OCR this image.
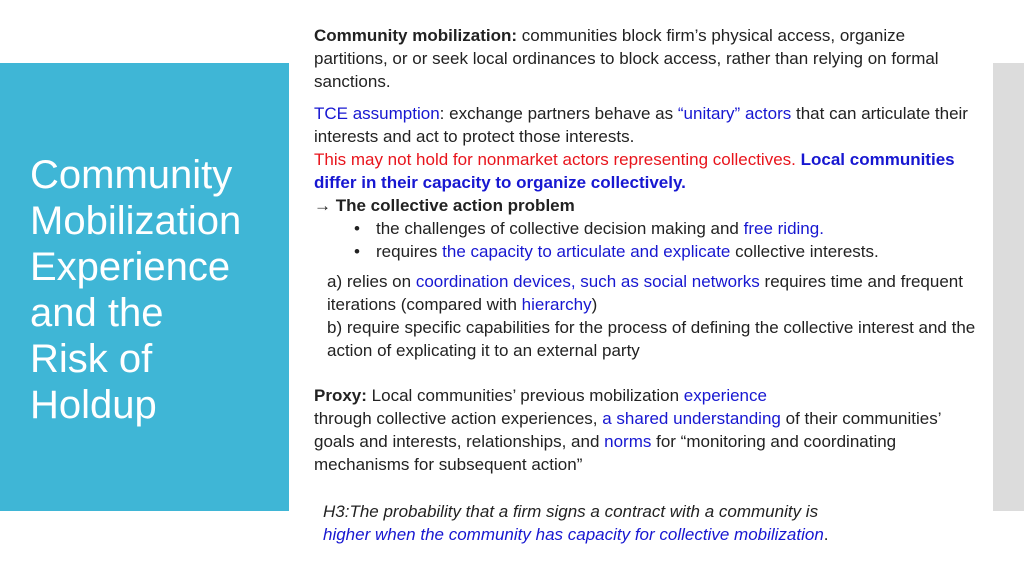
Community
Mobilization
Experience
and the
Risk of
Holdup
Community mobilization: communities block firm’s physical access, organize partitions, or or seek local ordinances to block access, rather than relying on formal sanctions.
TCE assumption: exchange partners behave as “unitary” actors that can articulate their interests and act to protect those interests.
This may not hold for nonmarket actors representing collectives. Local communities differ in their capacity to organize collectively.
→ The collective action problem
• the challenges of collective decision making and free riding.
• requires the capacity to articulate and explicate collective interests.
a) relies on coordination devices, such as social networks requires time and frequent iterations (compared with hierarchy)
b) require specific capabilities for the process of defining the collective interest and the action of explicating it to an external party
Proxy: Local communities’ previous mobilization experience
through collective action experiences, a shared understanding of their communities’ goals and interests, relationships, and norms for “monitoring and coordinating mechanisms for subsequent action”
H3:The probability that a firm signs a contract with a community is
higher when the community has capacity for collective mobilization.
